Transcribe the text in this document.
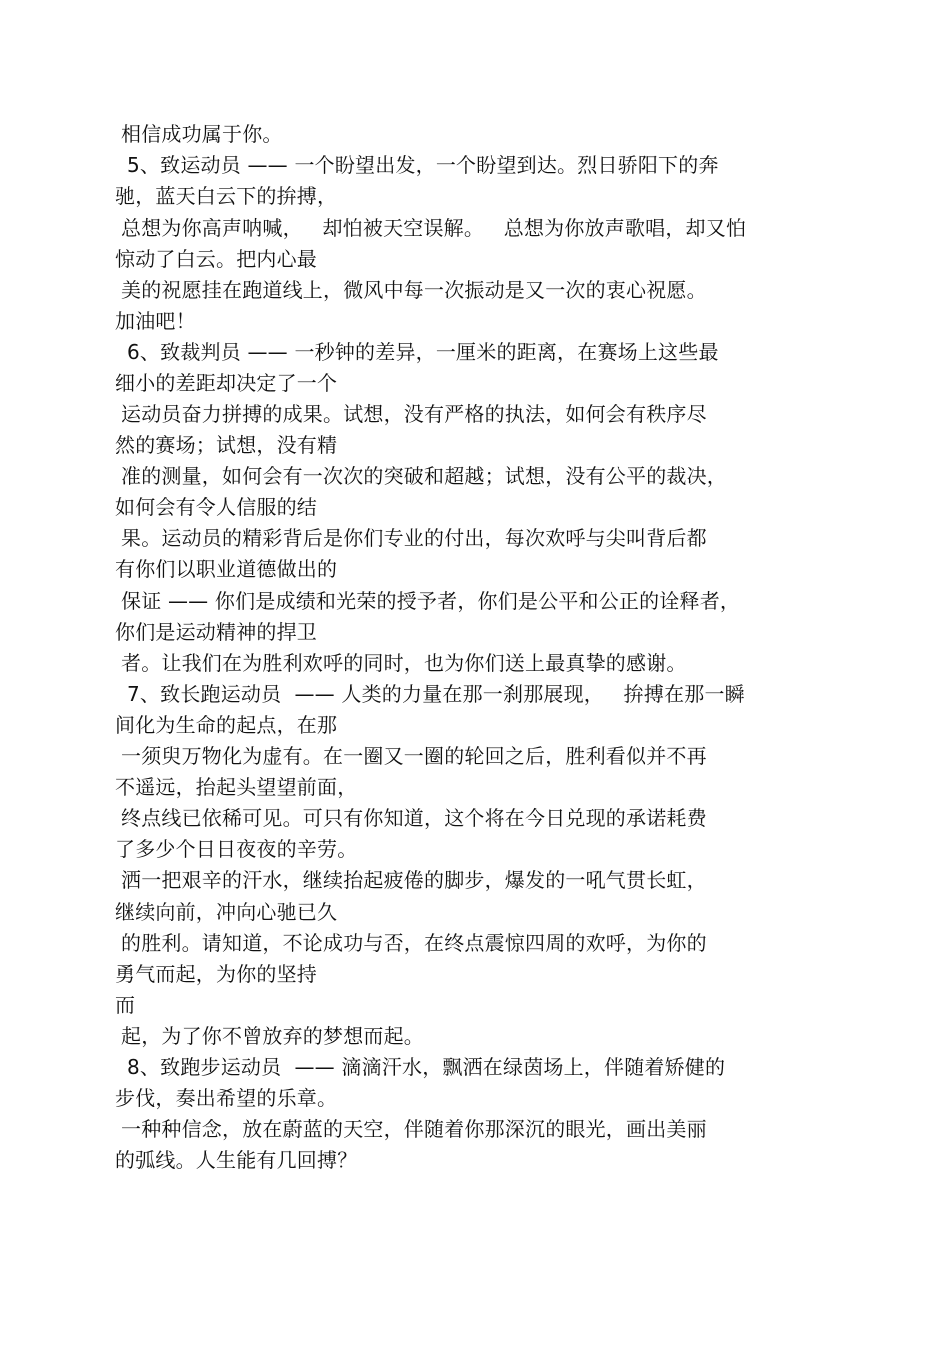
相信成功属于你。
5、致运动员 —— 一个盼望出发，一个盼望到达。烈日骄阳下的奔
驰，蓝天白云下的拚搏，
总想为你高声呐喊，   却怕被天空误解。   总想为你放声歌唱，却又怕
惊动了白云。把内心最
美的祝愿挂在跑道线上，微风中每一次振动是又一次的衷心祝愿。
加油吧！
6、致裁判员 —— 一秒钟的差异，一厘米的距离，在赛场上这些最
细小的差距却决定了一个
运动员奋力拼搏的成果。试想，没有严格的执法，如何会有秩序尽
然的赛场；试想，没有精
准的测量，如何会有一次次的突破和超越；试想，没有公平的裁决，
如何会有令人信服的结
果。运动员的精彩背后是你们专业的付出，每次欢呼与尖叫背后都
有你们以职业道德做出的
保证 —— 你们是成绩和光荣的授予者，你们是公平和公正的诠释者，
你们是运动精神的捍卫
者。让我们在为胜利欢呼的同时，也为你们送上最真挚的感谢。
7、致长跑运动员  —— 人类的力量在那一刹那展现，   拚搏在那一瞬
间化为生命的起点，在那
一须臾万物化为虚有。在一圈又一圈的轮回之后，胜利看似并不再
不遥远，抬起头望望前面，
终点线已依稀可见。可只有你知道，这个将在今日兑现的承诺耗费
了多少个日日夜夜的辛劳。
洒一把艰辛的汗水，继续抬起疲倦的脚步，爆发的一吼气贯长虹，
继续向前，冲向心驰已久
的胜利。请知道，不论成功与否，在终点震惊四周的欢呼，为你的
勇气而起，为你的坚持
而
起，为了你不曾放弃的梦想而起。
8、致跑步运动员  —— 滴滴汗水，飘洒在绿茵场上，伴随着矫健的
步伐，奏出希望的乐章。
一种种信念，放在蔚蓝的天空，伴随着你那深沉的眼光，画出美丽
的弧线。人生能有几回搏？
